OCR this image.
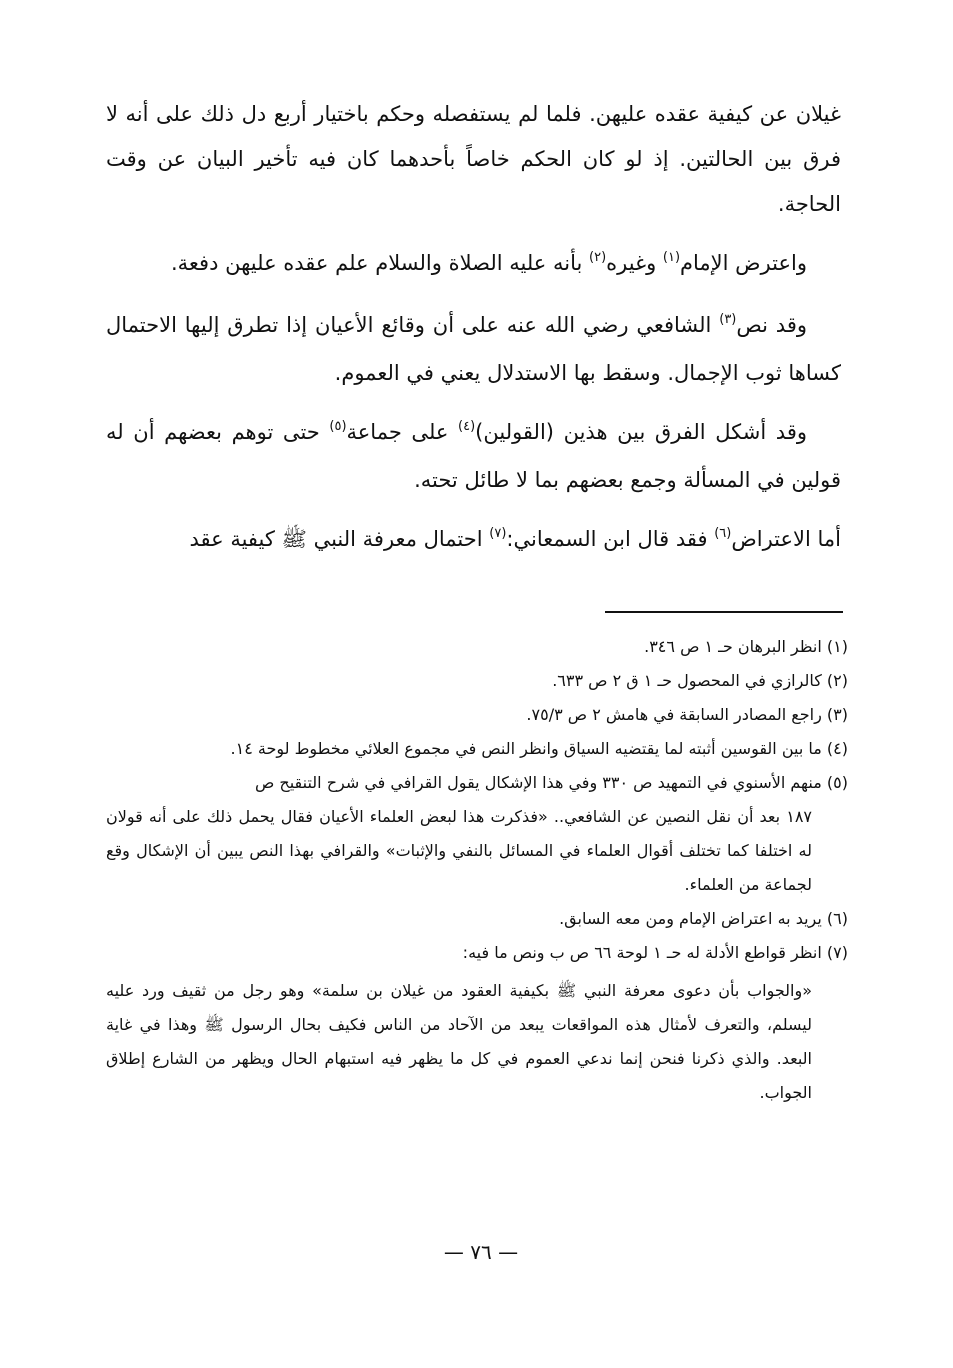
غيلان عن كيفية عقده عليهن. فلما لم يستفصله وحكم باختيار أربع دل ذلك على أنه لا فرق بين الحالتين. إذ لو كان الحكم خاصاً بأحدهما كان فيه تأخير البيان عن وقت الحاجة.

واعترض الإمام$^{(١)}$ وغيره$^{(٢)}$ بأنه عليه الصلاة والسلام علم عقده عليهن دفعة.

وقد نص$^{(٣)}$ الشافعي رضي الله عنه على أن وقائع الأعيان إذا تطرق إليها الاحتمال كساها ثوب الإجمال. وسقط بها الاستدلال يعني في العموم.

وقد أشكل الفرق بين هذين (القولين)$^{(٤)}$ على جماعة$^{(٥)}$ حتى توهم بعضهم أن له قولين في المسألة وجمع بعضهم بما لا طائل تحته.

أما الاعتراض$^{(٦)}$ فقد قال ابن السمعاني:$^{(٧)}$ احتمال معرفة النبي ﷺ كيفية عقد

(١) انظر البرهان حـ ١ ص ٣٤٦.

(٢) كالرازي في المحصول حـ ١ ق ٢ ص ٦٣٣.

(٣) راجع المصادر السابقة في هامش ٢ ص ٧٥/٣.

(٤) ما بين القوسين أثبته لما يقتضيه السياق وانظر النص في مجموع العلائي مخطوط لوحة ١٤.

(٥) منهم الأسنوي في التمهيد ص ٣٣٠ وفي هذا الإشكال يقول القرافي في شرح التنقيح ص

١٨٧ بعد أن نقل النصين عن الشافعي.. «فذكرت هذا لبعض العلماء الأعيان فقال يحمل ذلك على أنه قولان له اختلفا كما تختلف أقوال العلماء في المسائل بالنفي والإثبات» والقرافي بهذا النص يبين أن الإشكال وقع لجماعة من العلماء.

(٦) يريد به اعتراض الإمام ومن معه السابق.

(٧) انظر قواطع الأدلة له حـ ١ لوحة ٦٦ ص ب ونص ما فيه:

«والجواب بأن دعوى معرفة النبي ﷺ بكيفية العقود من غيلان بن سلمة» وهو رجل من ثقيف ورد عليه ليسلم، والتعرف لأمثال هذه المواقعات يبعد من الآحاد من الناس فكيف بحال الرسول ﷺ وهذا في غاية البعد. والذي ذكرنا فنحن إنما ندعي العموم في كل ما يظهر فيه استبهام الحال ويظهر من الشارع إطلاق الجواب.

— ٧٦ —
